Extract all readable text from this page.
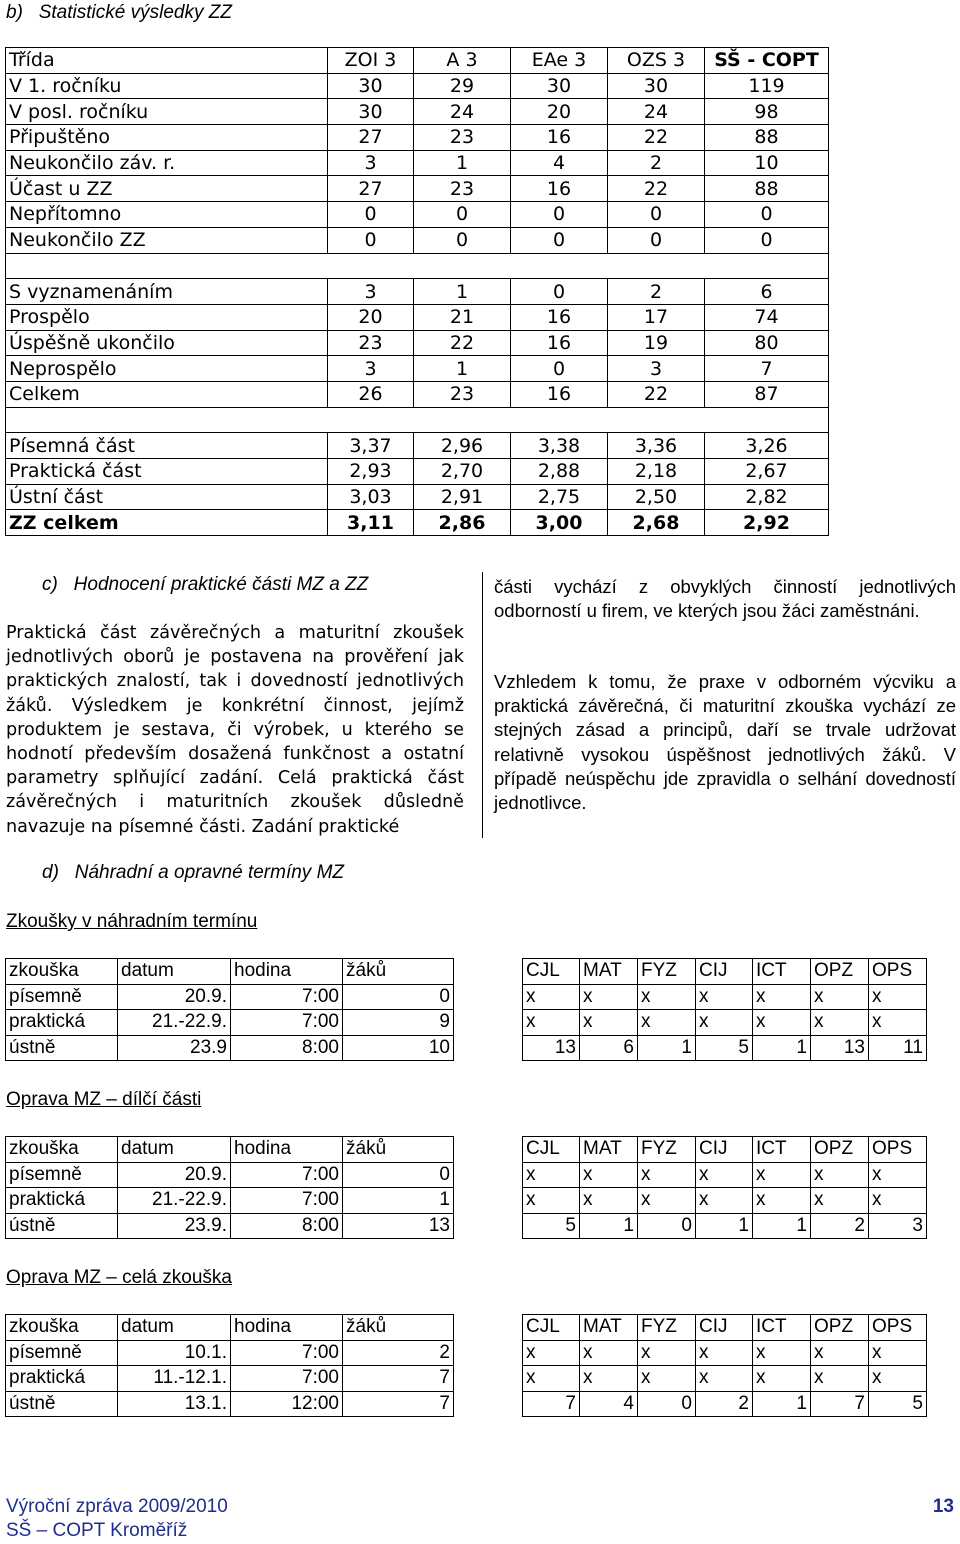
b)   Statistické výsledky ZZ
Třída	ZOI 3	A 3	EAe 3	OZS 3	SŠ - COPT
V 1. ročníku	30	29	30	30	119
V posl. ročníku	30	24	20	24	98
Připuštěno	27	23	16	22	88
Neukončilo záv. r.	3	1	4	2	10
Účast u ZZ	27	23	16	22	88
Nepřítomno	0	0	0	0	0
Neukončilo ZZ	0	0	0	0	0

S vyznamenáním	3	1	0	2	6
Prospělo	20	21	16	17	74
Úspěšně ukončilo	23	22	16	19	80
Neprospělo	3	1	0	3	7
Celkem	26	23	16	22	87

Písemná část	3,37	2,96	3,38	3,36	3,26
Praktická část	2,93	2,70	2,88	2,18	2,67
Ústní část	3,03	2,91	2,75	2,50	2,82
ZZ celkem	3,11	2,86	3,00	2,68	2,92
c)   Hodnocení praktické části MZ a ZZ
Praktická část závěrečných a maturitní zkoušek jednotlivých oborů je postavena na prověření jak praktických znalostí, tak i dovedností jednotlivých žáků. Výsledkem je konkrétní činnost, jejímž produktem je sestava, či výrobek, u kterého se hodnotí především dosažená funkčnost a ostatní parametry splňující zadání. Celá praktická část závěrečných i maturitních zkoušek důsledně navazuje na písemné části. Zadání praktické
části vychází z obvyklých činností jednotlivých odborností u firem, ve kterých jsou žáci zaměstnáni.
Vzhledem k tomu, že praxe v odborném výcviku a praktická závěrečná, či maturitní zkouška vychází ze stejných zásad a principů, daří se trvale udržovat relativně vysokou úspěšnost jednotlivých žáků. V případě neúspěchu jde zpravidla o selhání dovedností jednotlivce.
d)   Náhradní a opravné termíny MZ
Zkoušky v náhradním termínu
Oprava MZ – dílčí části
Oprava MZ – celá zkouška
zkouška	datum	hodina	žáků
písemně	20.9.	7:00	0
praktická	21.-22.9.	7:00	9
ústně	23.9	8:00	10
CJL	MAT	FYZ	CIJ	ICT	OPZ	OPS
x	x	x	x	x	x	x
x	x	x	x	x	x	x
13	6	1	5	1	13	11
zkouška	datum	hodina	žáků
písemně	20.9.	7:00	0
praktická	21.-22.9.	7:00	1
ústně	23.9.	8:00	13
CJL	MAT	FYZ	CIJ	ICT	OPZ	OPS
x	x	x	x	x	x	x
x	x	x	x	x	x	x
5	1	0	1	1	2	3
zkouška	datum	hodina	žáků
písemně	10.1.	7:00	2
praktická	11.-12.1.	7:00	7
ústně	13.1.	12:00	7
CJL	MAT	FYZ	CIJ	ICT	OPZ	OPS
x	x	x	x	x	x	x
x	x	x	x	x	x	x
7	4	0	2	1	7	5
Výroční zpráva 2009/2010
SŠ – COPT Kroměříž
13
